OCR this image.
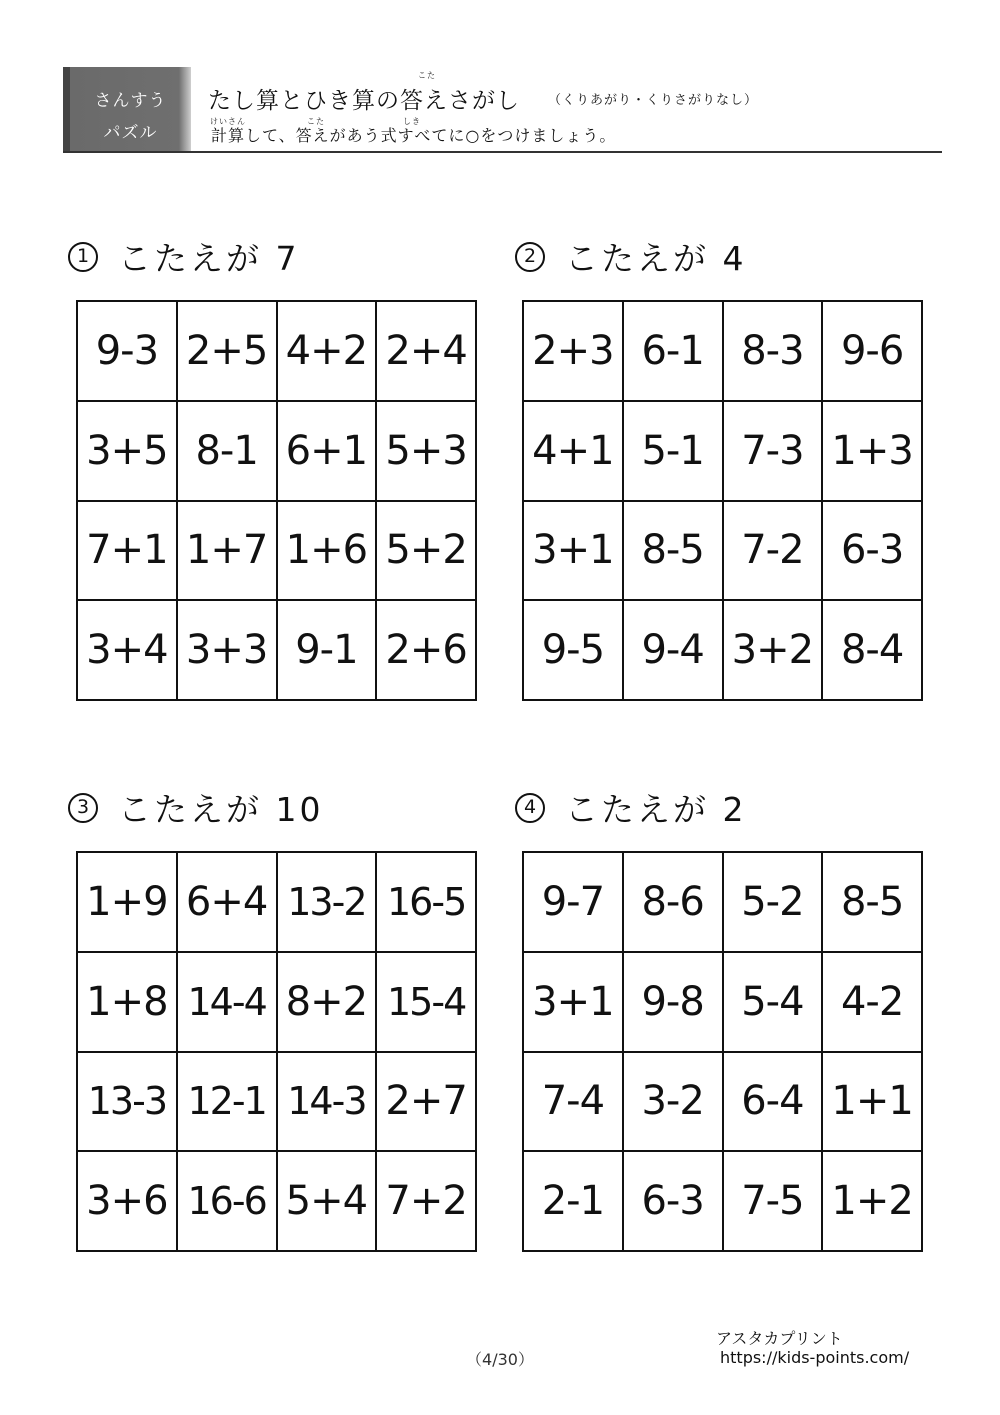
さんすう
パズル
こた
たし算とひき算の答えさがし （くりあがり・くりさがりなし）
けいさん	こた	しき
計算して、答えがあう式すべてに○をつけましょう。
1 こたえが 7
9-3 2+5 4+2 2+4
3+5 8-1 6+1 5+3
7+1 1+7 1+6 5+2
3+4 3+3 9-1 2+6
2 こたえが 4
2+3 6-1 8-3 9-6
4+1 5-1 7-3 1+3
3+1 8-5 7-2 6-3
9-5 9-4 3+2 8-4
3 こたえが 10
1+9 6+4 13-2 16-5
1+8 14-4 8+2 15-4
13-3 12-1 14-3 2+7
3+6 16-6 5+4 7+2
4 こたえが 2
9-7 8-6 5-2 8-5
3+1 9-8 5-4 4-2
7-4 3-2 6-4 1+1
2-1 6-3 7-5 1+2
（4/30）
アスタカプリント
https://kids-points.com/
